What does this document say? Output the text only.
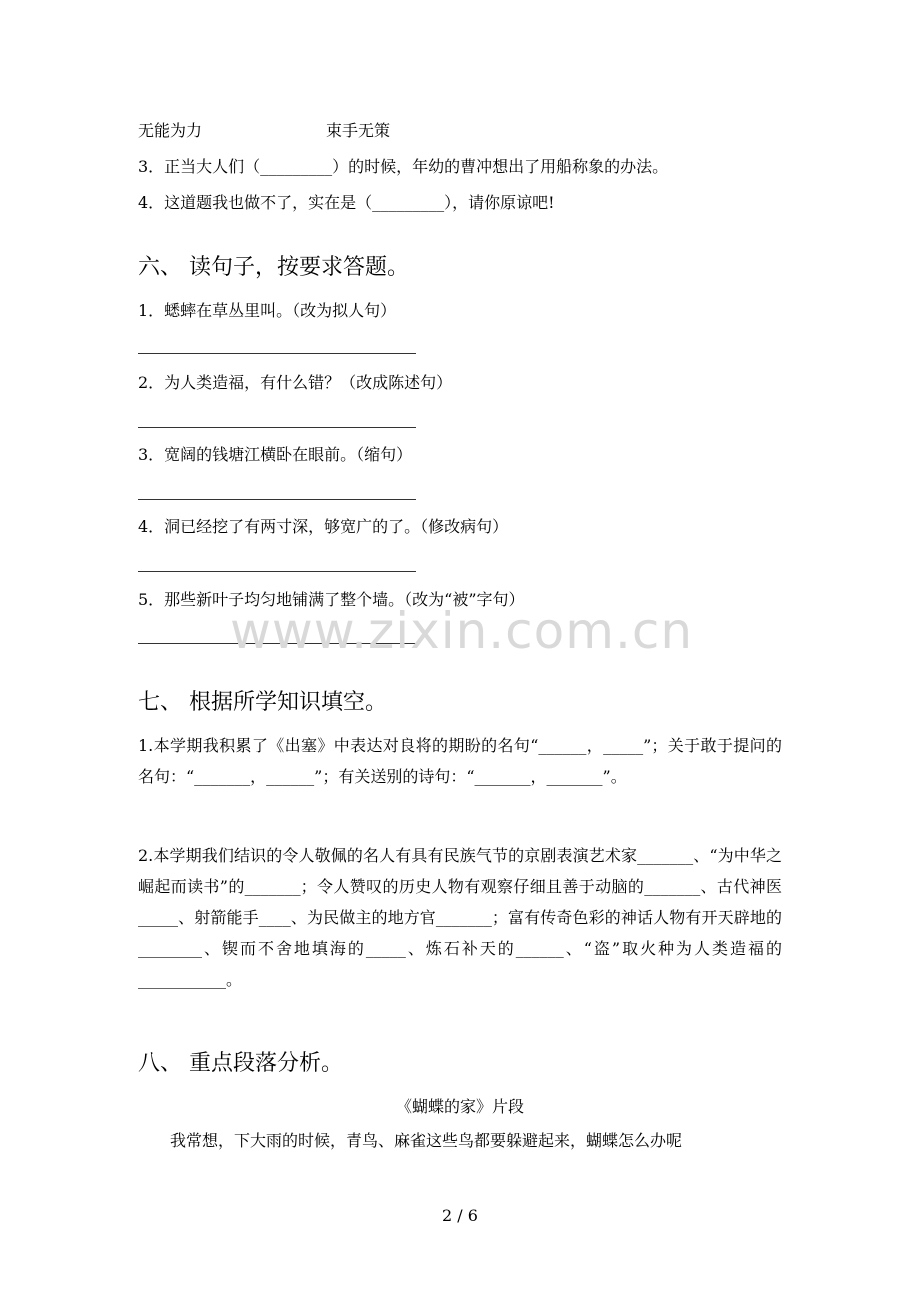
无能为力	束手无策
3．正当大人们（_________）的时候，年幼的曹冲想出了用船称象的办法。
4．这道题我也做不了，实在是（_________），请你原谅吧!
六、 读句子，按要求答题。
1．蟋蟀在草丛里叫。（改为拟人句）
2．为人类造福，有什么错？（改成陈述句）
3．宽阔的钱塘江横卧在眼前。（缩句）
4．洞已经挖了有两寸深，够宽广的了。（修改病句）
5．那些新叶子均匀地铺满了整个墙。（改为“被”字句）
www.zixin.com.cn
七、 根据所学知识填空。
1.本学期我积累了《出塞》中表达对良将的期盼的名句“______，_____”；关于敢于提问的名句：“_______，______”；有关送别的诗句：“_______，_______”。
2.本学期我们结识的令人敬佩的名人有具有民族气节的京剧表演艺术家_______、“为中华之崛起而读书”的_______；令人赞叹的历史人物有观察仔细且善于动脑的_______、古代神医_____、射箭能手____、为民做主的地方官_______；富有传奇色彩的神话人物有开天辟地的________、锲而不舍地填海的_____、炼石补天的______、“盗”取火种为人类造福的___________。
八、 重点段落分析。
《蝴蝶的家》片段
我常想，下大雨的时候，青鸟、麻雀这些鸟都要躲避起来，蝴蝶怎么办呢
2 / 6
